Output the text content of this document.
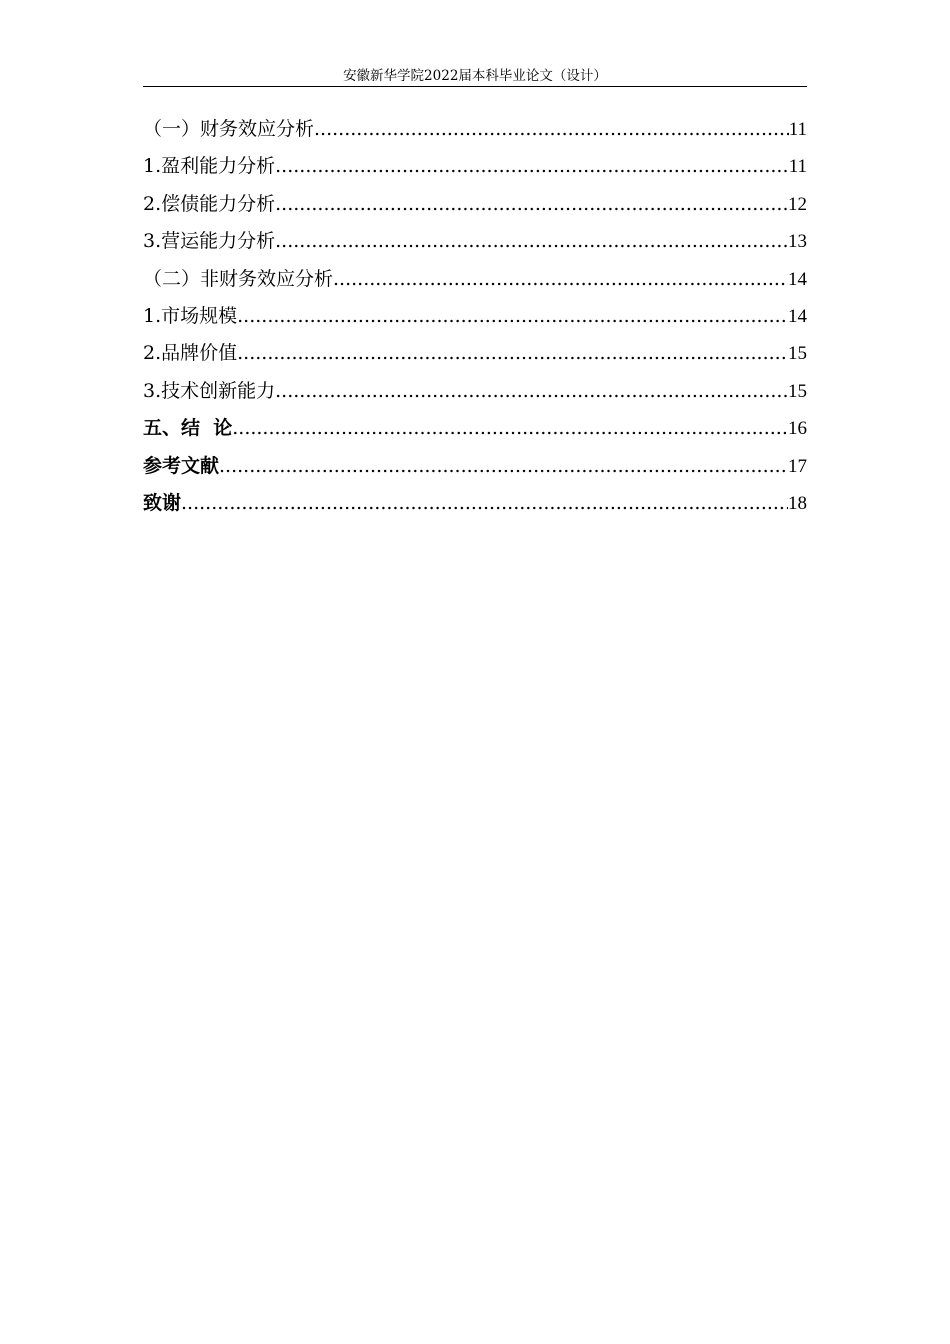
安徽新华学院2022届本科毕业论文（设计）
（一）财务效应分析 .....	11
1.盈利能力分析 .....	11
2.偿债能力分析 .....	12
3.营运能力分析 .....	13
（二）非财务效应分析 .....	14
1.市场规模 .....	14
2.品牌价值 .....	15
3.技术创新能力 .....	15
五、结  论 .....	16
参考文献 .....	17
致谢 .....	18
